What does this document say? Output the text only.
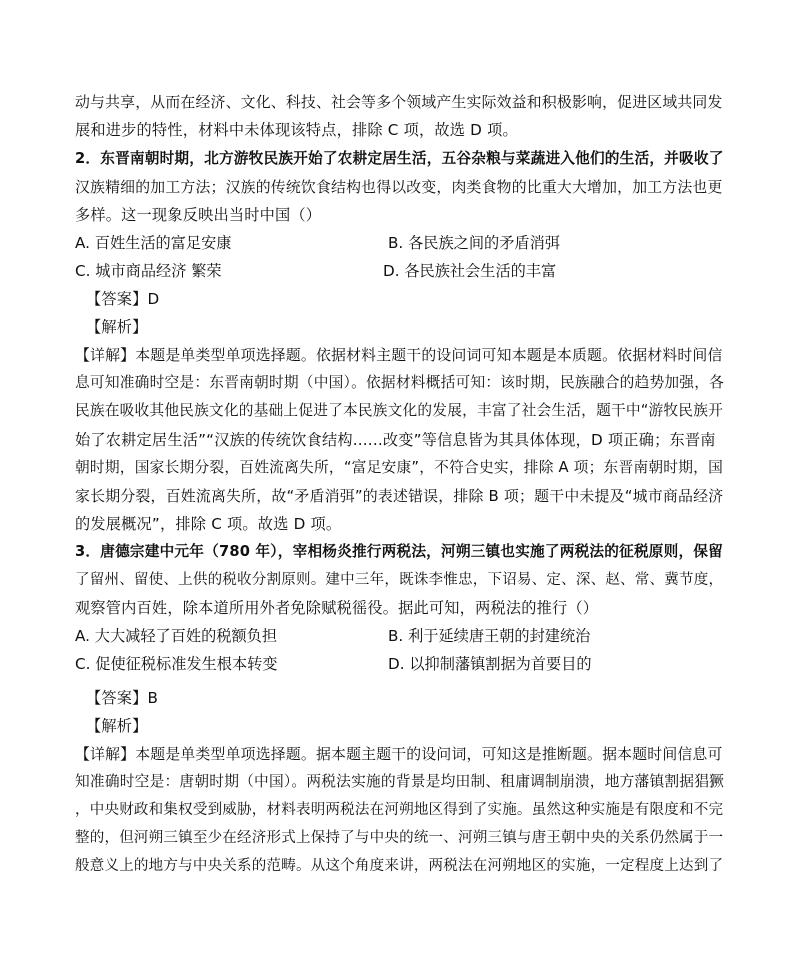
动与共享，从而在经济、文化、科技、社会等多个领域产生实际效益和积极影响，促进区域共同发
展和进步的特性，材料中未体现该特点，排除 C 项，故选 D 项。
2．东晋南朝时期，北方游牧民族开始了农耕定居生活，五谷杂粮与菜蔬进入他们的生活，并吸收了
汉族精细的加工方法；汉族的传统饮食结构也得以改变，肉类食物的比重大大增加，加工方法也更
多样。这一现象反映出当时中国（）
A. 百姓生活的富足安康	B. 各民族之间的矛盾消弭
C. 城市商品经济 繁荣	D. 各民族社会生活的丰富
【答案】D
【解析】
【详解】本题是单类型单项选择题。依据材料主题干的设问词可知本题是本质题。依据材料时间信
息可知准确时空是：东晋南朝时期（中国）。依据材料概括可知：该时期，民族融合的趋势加强，各
民族在吸收其他民族文化的基础上促进了本民族文化的发展，丰富了社会生活，题干中“游牧民族开
始了农耕定居生活”“汉族的传统饮食结构......改变”等信息皆为其具体体现，D 项正确；东晋南
朝时期，国家长期分裂，百姓流离失所，“富足安康”，不符合史实，排除 A 项；东晋南朝时期，国
家长期分裂，百姓流离失所，故“矛盾消弭”的表述错误，排除 B 项；题干中未提及“城市商品经济
的发展概况”，排除 C 项。故选 D 项。
3．唐德宗建中元年（780 年），宰相杨炎推行两税法，河朔三镇也实施了两税法的征税原则，保留
了留州、留使、上供的税收分割原则。建中三年，既诛李惟忠，下诏易、定、深、赵、常、冀节度，
观察管内百姓，除本道所用外者免除赋税徭役。据此可知，两税法的推行（）
A. 大大减轻了百姓的税额负担	B. 利于延续唐王朝的封建统治
C. 促使征税标准发生根本转变	D. 以抑制藩镇割据为首要目的
【答案】B
【解析】
【详解】本题是单类型单项选择题。据本题主题干的设问词，可知这是推断题。据本题时间信息可
知准确时空是：唐朝时期（中国）。两税法实施的背景是均田制、租庸调制崩溃，地方藩镇割据猖獗
，中央财政和集权受到威胁，材料表明两税法在河朔地区得到了实施。虽然这种实施是有限度和不完
整的，但河朔三镇至少在经济形式上保持了与中央的统一、河朔三镇与唐王朝中央的关系仍然属于一
般意义上的地方与中央关系的范畴。从这个角度来讲，两税法在河朔地区的实施，一定程度上达到了
